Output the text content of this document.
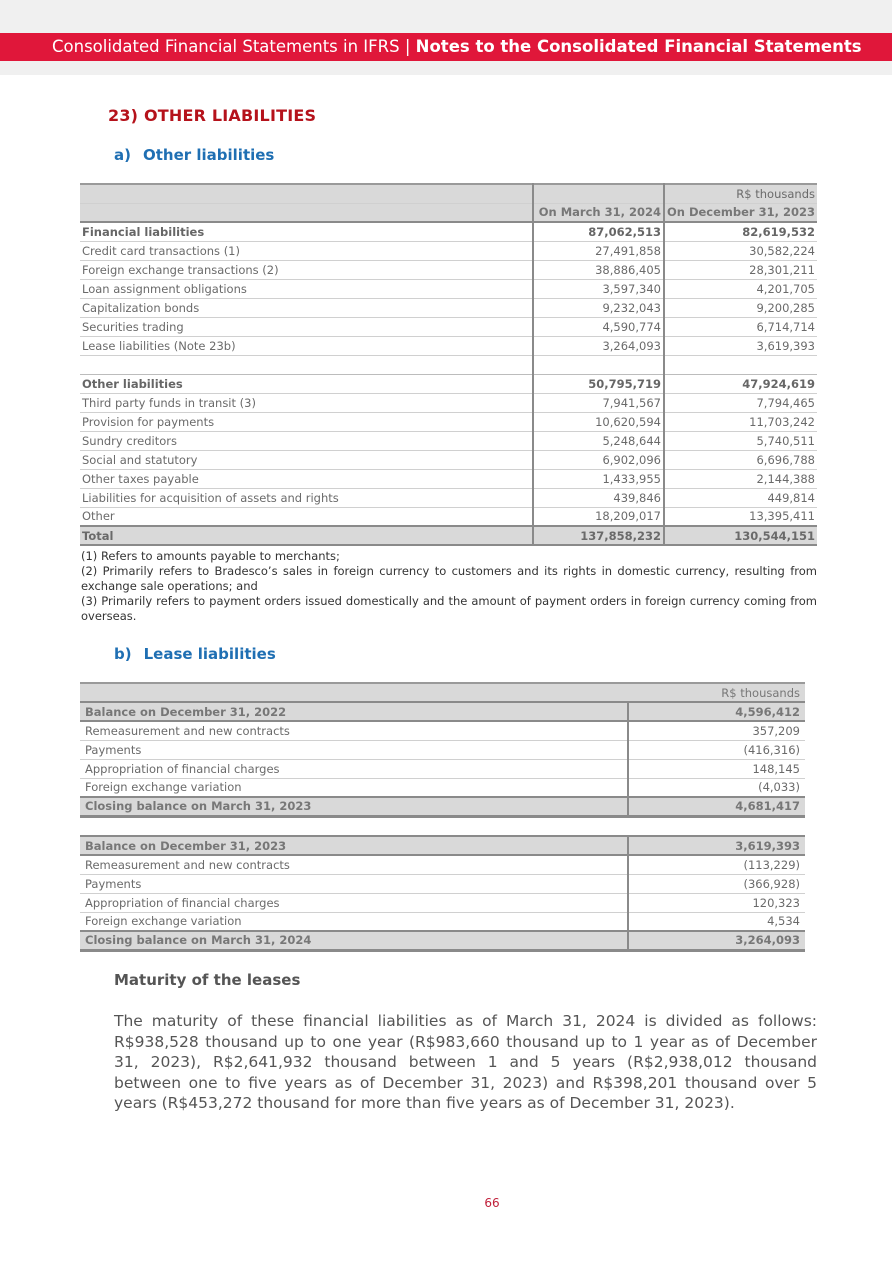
Consolidated Financial Statements in IFRS | Notes to the Consolidated Financial Statements
23) OTHER LIABILITIES
a) Other liabilities
		R$ thousands
	On March 31, 2024	On December 31, 2023
Financial liabilities	87,062,513	82,619,532
Credit card transactions (1)	27,491,858	30,582,224
Foreign exchange transactions (2)	38,886,405	28,301,211
Loan assignment obligations	3,597,340	4,201,705
Capitalization bonds	9,232,043	9,200,285
Securities trading	4,590,774	6,714,714
Lease liabilities (Note 23b)	3,264,093	3,619,393

Other liabilities	50,795,719	47,924,619
Third party funds in transit (3)	7,941,567	7,794,465
Provision for payments	10,620,594	11,703,242
Sundry creditors	5,248,644	5,740,511
Social and statutory	6,902,096	6,696,788
Other taxes payable	1,433,955	2,144,388
Liabilities for acquisition of assets and rights	439,846	449,814
Other	18,209,017	13,395,411
Total	137,858,232	130,544,151
(1) Refers to amounts payable to merchants;
(2) Primarily refers to Bradesco’s sales in foreign currency to customers and its rights in domestic currency, resulting from exchange sale operations; and
(3) Primarily refers to payment orders issued domestically and the amount of payment orders in foreign currency coming from overseas.
b) Lease liabilities
	R$ thousands
Balance on December 31, 2022	4,596,412
Remeasurement and new contracts	357,209
Payments	(416,316)
Appropriation of financial charges	148,145
Foreign exchange variation	(4,033)
Closing balance on March 31, 2023	4,681,417
Balance on December 31, 2023	3,619,393
Remeasurement and new contracts	(113,229)
Payments	(366,928)
Appropriation of financial charges	120,323
Foreign exchange variation	4,534
Closing balance on March 31, 2024	3,264,093
Maturity of the leases
The maturity of these financial liabilities as of March 31, 2024 is divided as follows: R$938,528 thousand up to one year (R$983,660 thousand up to 1 year as of December 31, 2023), R$2,641,932 thousand between 1 and 5 years (R$2,938,012 thousand between one to five years as of December 31, 2023) and R$398,201 thousand over 5 years (R$453,272 thousand for more than five years as of December 31, 2023).
66
